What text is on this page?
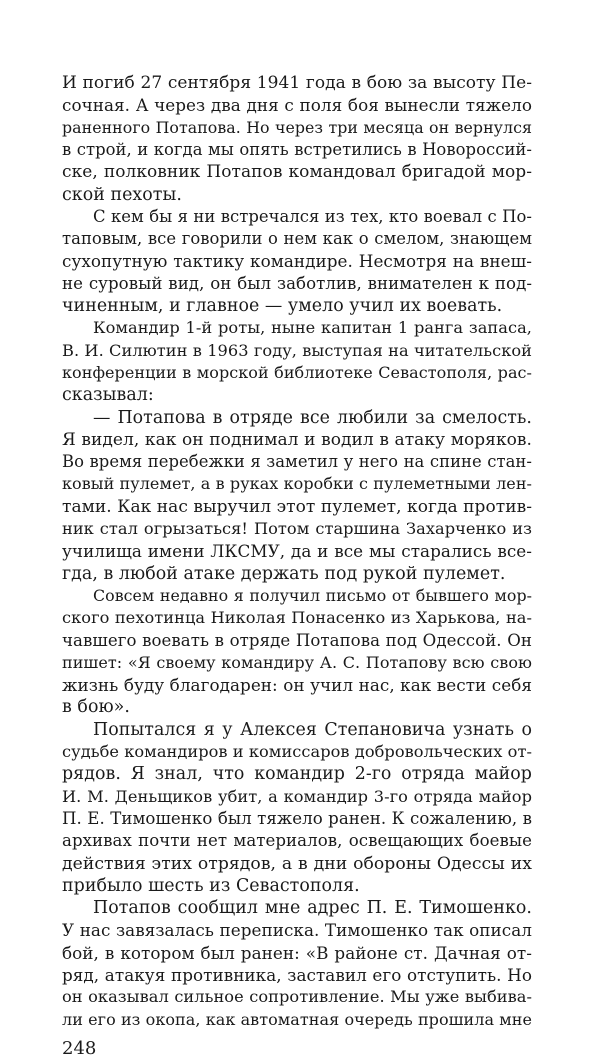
И погиб 27 сентября 1941 года в бою за высоту Пе-
сочная. А через два дня с поля боя вынесли тяжело
раненного Потапова. Но через три месяца он вернулся
в строй, и когда мы опять встретились в Новороссий-
ске, полковник Потапов командовал бригадой мор-
ской пехоты.
С кем бы я ни встречался из тех, кто воевал с По-
таповым, все говорили о нем как о смелом, знающем
сухопутную тактику командире. Несмотря на внеш-
не суровый вид, он был заботлив, внимателен к под-
чиненным, и главное — умело учил их воевать.
Командир 1-й роты, ныне капитан 1 ранга запаса,
В. И. Силютин в 1963 году, выступая на читательской
конференции в морской библиотеке Севастополя, рас-
сказывал:
— Потапова в отряде все любили за смелость.
Я видел, как он поднимал и водил в атаку моряков.
Во время перебежки я заметил у него на спине стан-
ковый пулемет, а в руках коробки с пулеметными лен-
тами. Как нас выручил этот пулемет, когда против-
ник стал огрызаться! Потом старшина Захарченко из
училища имени ЛКСМУ, да и все мы старались все-
гда, в любой атаке держать под рукой пулемет.
Совсем недавно я получил письмо от бывшего мор-
ского пехотинца Николая Понасенко из Харькова, на-
чавшего воевать в отряде Потапова под Одессой. Он
пишет: «Я своему командиру А. С. Потапову всю свою
жизнь буду благодарен: он учил нас, как вести себя
в бою».
Попытался я у Алексея Степановича узнать о
судьбе командиров и комиссаров добровольческих от-
рядов. Я знал, что командир 2-го отряда майор
И. М. Деньщиков убит, а командир 3-го отряда майор
П. Е. Тимошенко был тяжело ранен. К сожалению, в
архивах почти нет материалов, освещающих боевые
действия этих отрядов, а в дни обороны Одессы их
прибыло шесть из Севастополя.
Потапов сообщил мне адрес П. Е. Тимошенко.
У нас завязалась переписка. Тимошенко так описал
бой, в котором был ранен: «В районе ст. Дачная от-
ряд, атакуя противника, заставил его отступить. Но
он оказывал сильное сопротивление. Мы уже выбива-
ли его из окопа, как автоматная очередь прошила мне
248
